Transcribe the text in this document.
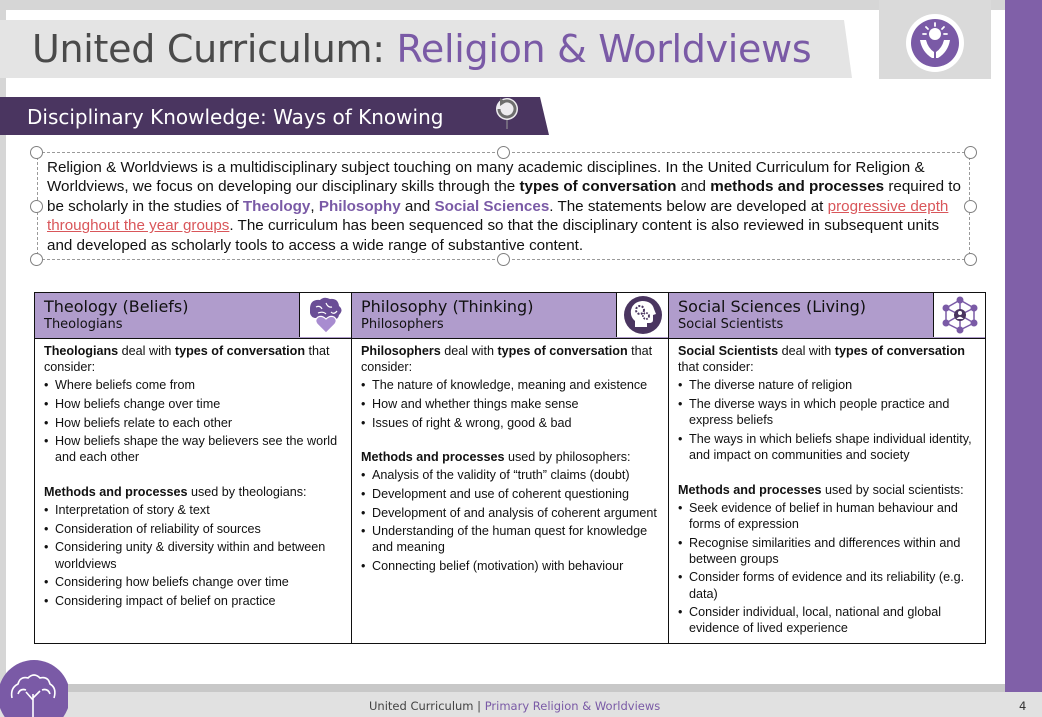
United Curriculum: Religion & Worldviews
Disciplinary Knowledge: Ways of Knowing
Religion & Worldviews is a multidisciplinary subject touching on many academic disciplines. In the United Curriculum for Religion & Worldviews, we focus on developing our disciplinary skills through the types of conversation and methods and processes required to be scholarly in the studies of Theology, Philosophy and Social Sciences. The statements below are developed at progressive depth throughout the year groups. The curriculum has been sequenced so that the disciplinary content is also reviewed in subsequent units and developed as scholarly tools to access a wide range of substantive content.
Theology (Beliefs)
Theologians

Theologians deal with types of conversation that consider:

• Where beliefs come from
• How beliefs change over time
• How beliefs relate to each other
• How beliefs shape the way believers see the world and each other

Methods and processes used by theologians:

• Interpretation of story & text
• Consideration of reliability of sources
• Considering unity & diversity within and between worldviews
• Considering how beliefs change over time
• Considering impact of belief on practice
Philosophy (Thinking)
Philosophers

Philosophers deal with types of conversation that consider:

• The nature of knowledge, meaning and existence
• How and whether things make sense
• Issues of right & wrong, good & bad

Methods and processes used by philosophers:

• Analysis of the validity of “truth” claims (doubt)
• Development and use of coherent questioning
• Development of and analysis of coherent argument
• Understanding of the human quest for knowledge and meaning
• Connecting belief (motivation) with behaviour
Social Sciences (Living)
Social Scientists

Social Scientists deal with types of conversation that consider:

• The diverse nature of religion
• The diverse ways in which people practice and express beliefs
• The ways in which beliefs shape individual identity, and impact on communities and society

Methods and processes used by social scientists:

• Seek evidence of belief in human behaviour and forms of expression
• Recognise similarities and differences within and between groups
• Consider forms of evidence and its reliability (e.g. data)
• Consider individual, local, national and global evidence of lived experience
United Curriculum | Primary Religion & Worldviews	4
